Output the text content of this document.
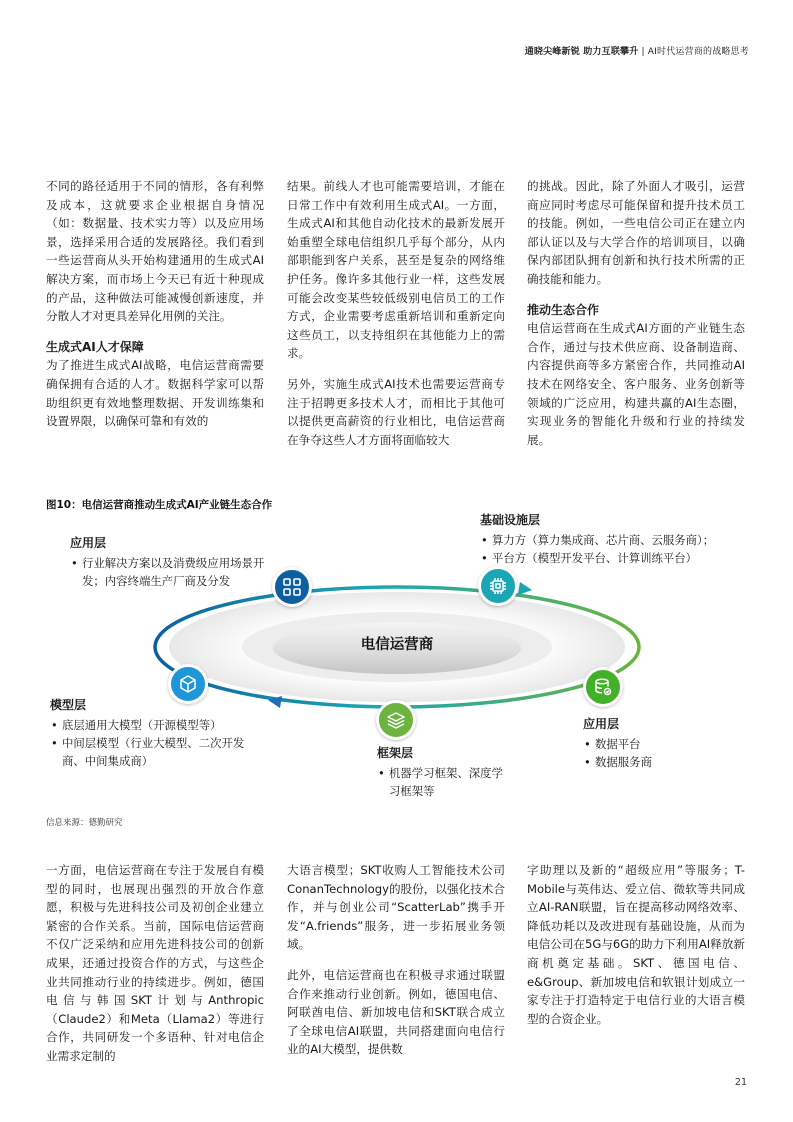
通晓尖峰新锐 助力互联攀升 | AI时代运营商的战略思考

不同的路径适用于不同的情形，各有利弊及成本，这就要求企业根据自身情况（如：数据量、技术实力等）以及应用场景，选择采用合适的发展路径。我们看到一些运营商从头开始构建通用的生成式AI解决方案，而市场上今天已有近十种现成的产品，这种做法可能减慢创新速度，并分散人才对更具差异化用例的关注。

生成式AI人才保障

为了推进生成式AI战略，电信运营商需要确保拥有合适的人才。数据科学家可以帮助组织更有效地整理数据、开发训练集和设置界限，以确保可靠和有效的

结果。前线人才也可能需要培训，才能在日常工作中有效利用生成式AI。一方面，生成式AI和其他自动化技术的最新发展开始重塑全球电信组织几乎每个部分，从内部职能到客户关系，甚至是复杂的网络维护任务。像许多其他行业一样，这些发展可能会改变某些较低级别电信员工的工作方式，企业需要考虑重新培训和重新定向这些员工，以支持组织在其他能力上的需求。

另外，实施生成式AI技术也需要运营商专注于招聘更多技术人才，而相比于其他可以提供更高薪资的行业相比，电信运营商在争夺这些人才方面将面临较大

的挑战。因此，除了外面人才吸引，运营商应同时考虑尽可能保留和提升技术员工的技能。例如，一些电信公司正在建立内部认证以及与大学合作的培训项目，以确保内部团队拥有创新和执行技术所需的正确技能和能力。

推动生态合作

电信运营商在生成式AI方面的产业链生态合作，通过与技术供应商、设备制造商、内容提供商等多方紧密合作，共同推动AI技术在网络安全、客户服务、业务创新等领域的广泛应用，构建共赢的AI生态圈，实现业务的智能化升级和行业的持续发展。

图10：电信运营商推动生成式AI产业链生态合作
电信运营商
应用层
• 行业解决方案以及消费级应用场景开发；内容终端生产厂商及分发
基础设施层
• 算力方（算力集成商、芯片商、云服务商）；
• 平台方（模型开发平台、计算训练平台）
模型层
• 底层通用大模型（开源模型等）
• 中间层模型（行业大模型、二次开发商、中间集成商）
框架层
• 机器学习框架、深度学习框架等
应用层
• 数据平台
• 数据服务商
信息来源：德勤研究

一方面，电信运营商在专注于发展自有模型的同时，也展现出强烈的开放合作意愿，积极与先进科技公司及初创企业建立紧密的合作关系。当前，国际电信运营商不仅广泛采纳和应用先进科技公司的创新成果，还通过投资合作的方式，与这些企业共同推动行业的持续进步。例如，德国电信与韩国SKT计划与Anthropic（Claude2）和Meta（Llama2）等进行合作，共同研发一个多语种、针对电信企业需求定制的

大语言模型；SKT收购人工智能技术公司ConanTechnology的股份，以强化技术合作，并与创业公司“ScatterLab”携手开发“A.friends”服务，进一步拓展业务领域。

此外，电信运营商也在积极寻求通过联盟合作来推动行业创新。例如，德国电信、阿联酋电信、新加坡电信和SKT联合成立了全球电信AI联盟，共同搭建面向电信行业的AI大模型，提供数

字助理以及新的“超级应用”等服务；T-Mobile与英伟达、爱立信、微软等共同成立AI-RAN联盟，旨在提高移动网络效率、降低功耗以及改进现有基础设施，从而为电信公司在5G与6G的助力下利用AI释放新商机奠定基础。SKT、德国电信、e&Group、新加坡电信和软银计划成立一家专注于打造特定于电信行业的大语言模型的合资企业。

21
